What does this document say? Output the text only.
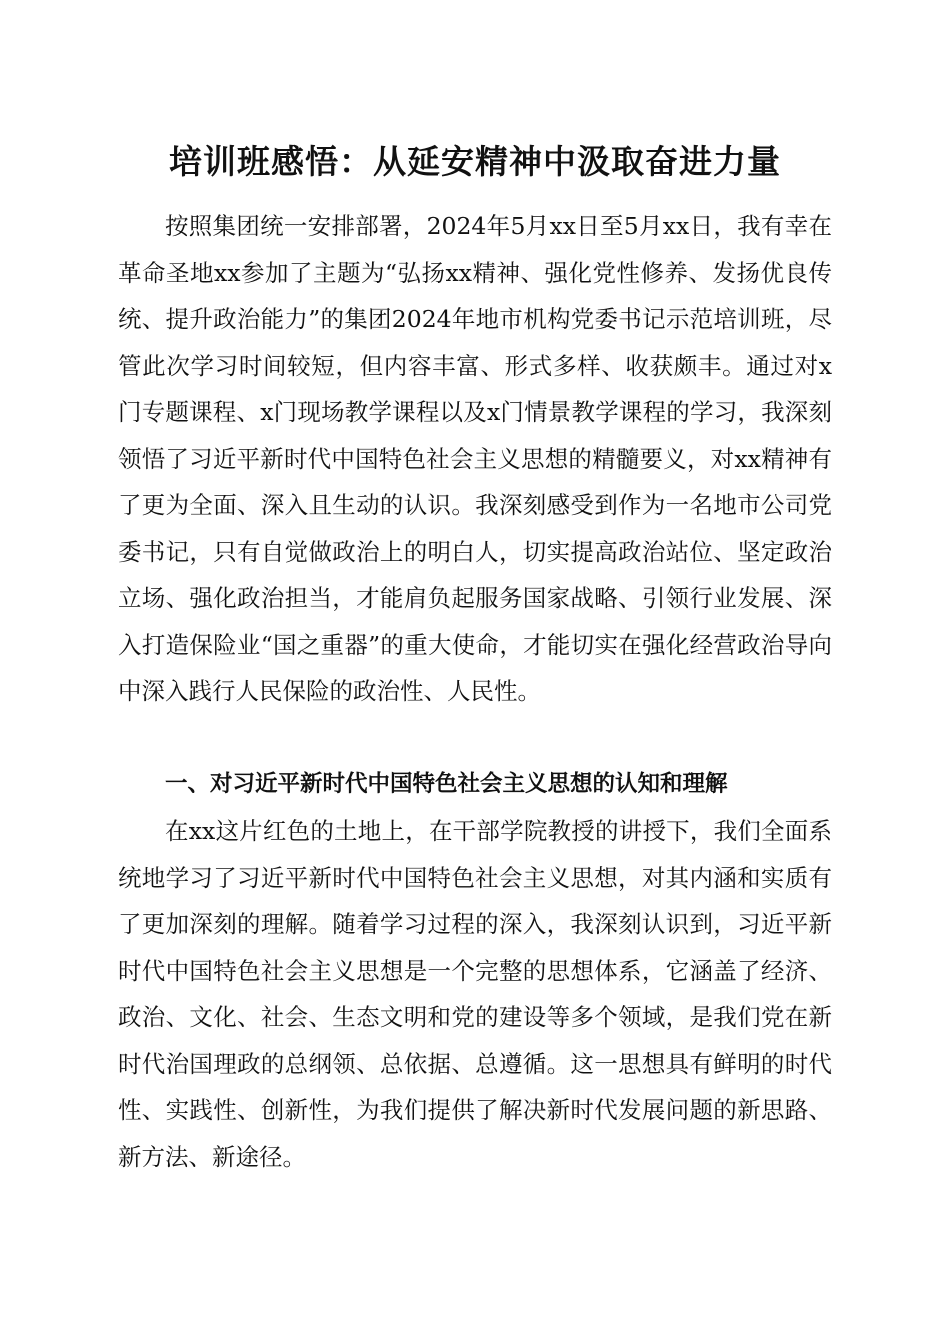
培训班感悟：从延安精神中汲取奋进力量

按照集团统一安排部署，2024年5月xx日至5月xx日，我有幸在革命圣地xx参加了主题为“弘扬xx精神、强化党性修养、发扬优良传统、提升政治能力”的集团2024年地市机构党委书记示范培训班，尽管此次学习时间较短，但内容丰富、形式多样、收获颇丰。通过对x门专题课程、x门现场教学课程以及x门情景教学课程的学习，我深刻领悟了习近平新时代中国特色社会主义思想的精髓要义，对xx精神有了更为全面、深入且生动的认识。我深刻感受到作为一名地市公司党委书记，只有自觉做政治上的明白人，切实提高政治站位、坚定政治立场、强化政治担当，才能肩负起服务国家战略、引领行业发展、深入打造保险业“国之重器”的重大使命，才能切实在强化经营政治导向中深入践行人民保险的政治性、人民性。

一、对习近平新时代中国特色社会主义思想的认知和理解

在xx这片红色的土地上，在干部学院教授的讲授下，我们全面系统地学习了习近平新时代中国特色社会主义思想，对其内涵和实质有了更加深刻的理解。随着学习过程的深入，我深刻认识到，习近平新时代中国特色社会主义思想是一个完整的思想体系，它涵盖了经济、政治、文化、社会、生态文明和党的建设等多个领域，是我们党在新时代治国理政的总纲领、总依据、总遵循。这一思想具有鲜明的时代性、实践性、创新性，为我们提供了解决新时代发展问题的新思路、新方法、新途径。
